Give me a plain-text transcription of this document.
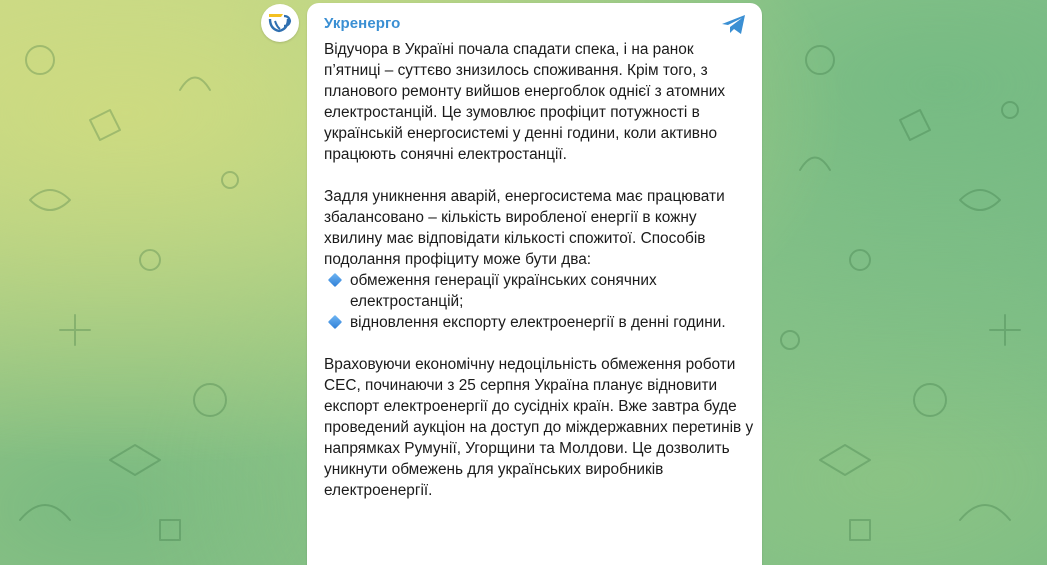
Укренерго

Відучора в Україні почала спадати спека, і на ранок п’ятниці – суттєво знизилось споживання. Крім того, з планового ремонту вийшов енергоблок однієї з атомних електростанцій. Це зумовлює профіцит потужності в українській енергосистемі у денні години, коли активно працюють сонячні електростанції.

Задля уникнення аварій, енергосистема має працювати збалансовано – кількість виробленої енергії в кожну хвилину має відповідати кількості спожитої. Способів подолання профіциту може бути два:

обмеження генерації українських сонячних електростанцій;
відновлення експорту електроенергії в денні години.

Враховуючи економічну недоцільність обмеження роботи СЕС, починаючи з 25 серпня Україна планує відновити експорт електроенергії до сусідніх країн. Вже завтра буде проведений аукціон на доступ до міждержавних перетинів у напрямках Румунії, Угорщини та Молдови. Це дозволить уникнути обмежень для українських виробників електроенергії.
